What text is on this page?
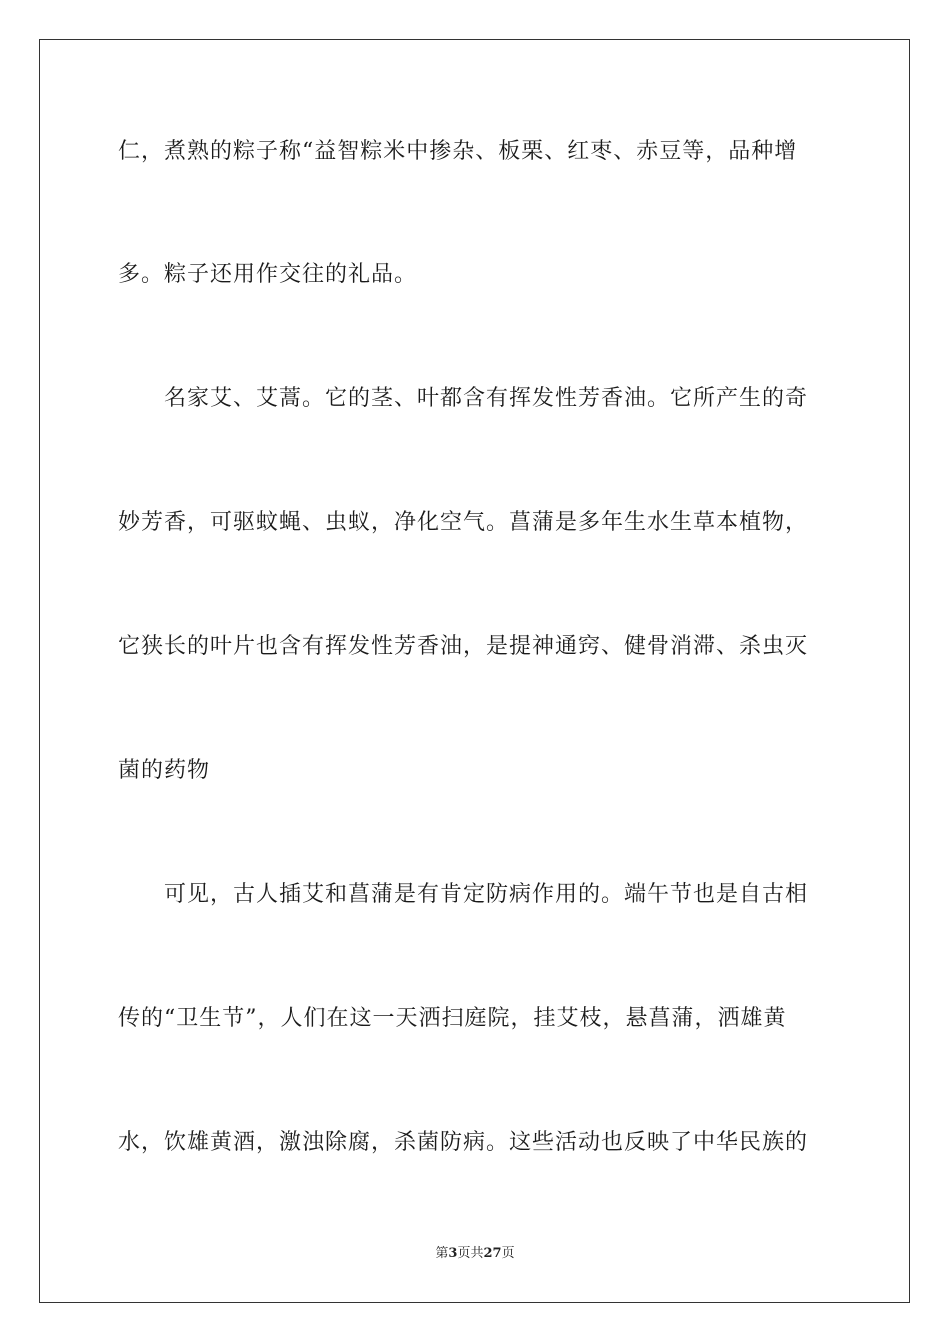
仁，煮熟的粽子称“益智粽米中掺杂、板栗、红枣、赤豆等，品种增
多。粽子还用作交往的礼品。
　　名家艾、艾蒿。它的茎、叶都含有挥发性芳香油。它所产生的奇
妙芳香，可驱蚊蝇、虫蚁，净化空气。菖蒲是多年生水生草本植物，
它狭长的叶片也含有挥发性芳香油，是提神通窍、健骨消滞、杀虫灭
菌的药物
　　可见，古人插艾和菖蒲是有肯定防病作用的。端午节也是自古相
传的“卫生节”，人们在这一天洒扫庭院，挂艾枝，悬菖蒲，洒雄黄
水，饮雄黄酒，激浊除腐，杀菌防病。这些活动也反映了中华民族的
第3页共27页
